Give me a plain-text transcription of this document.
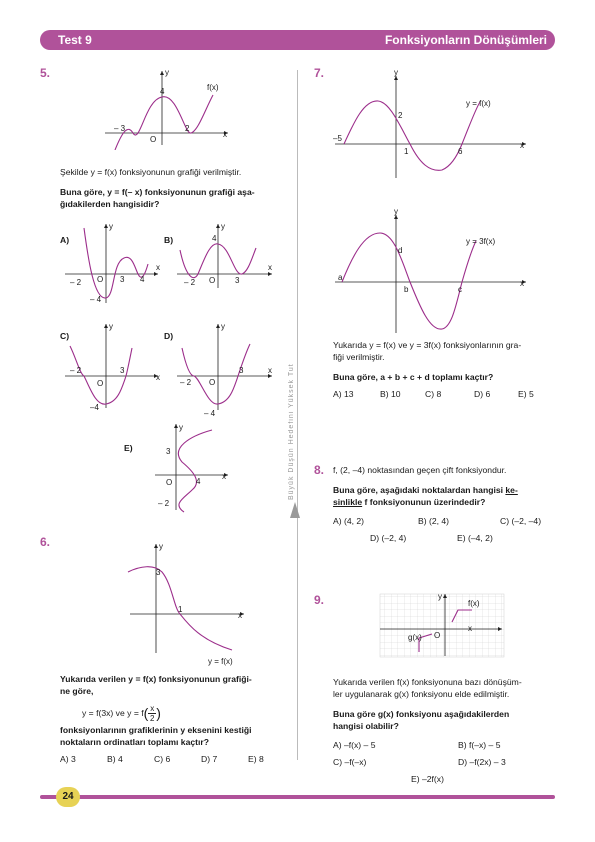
Test 9	Fonksiyonların Dönüşümleri
Büyük Düşün Hedefini Yüksek Tut
5.	y
x
4
– 3	2
O
f(x)
Şekilde y = f(x) fonksiyonunun grafiği verilmiştir.
Buna göre, y = f(– x) fonksiyonunun grafiği aşa-
ğıdakilerden hangisidir?
A)
y
x
– 2 O 3 4
– 4
B)
y
x
4
– 2 O 3
C)
y
x
– 2
O
3
–4
D)
y
x
– 2 O
3
– 4
E)
y
x
3
O	4
– 2
6.	y
x
3
1
y = f(x)
Yukarıda verilen y = f(x) fonksiyonunun grafiği-
ne göre,
y = f(3x) ve $y = f( \frac{x}{2}$ )
fonksiyonlarının grafiklerinin y eksenini kestiği
noktaların ordinatları toplamı kaçtır?
A) 3	B) 4	C) 6	D) 7	E) 8
7.	y
x
2
–5
1	6
y = f(x)
y
x
d
a
b	c
y = 3f(x)
Yukarıda y = f(x) ve y = 3f(x) fonksiyonlarının gra-
fiği verilmiştir.
Buna göre, a + b + c + d toplamı kaçtır?
A) 13	B) 10	C) 8	D) 6	E) 5
8. f, (2, –4) noktasından geçen çift fonksiyondur.
Buna göre, aşağıdaki noktalardan hangisi ke-
sinlikle f fonksiyonunun üzerindedir?
A) (4, 2)	B) (2, 4)	C) (–2, –4)
D) (–2, 4)	E) (–4, 2)
9.	y
x
O
f(x)
g(x)
Yukarıda verilen f(x) fonksiyonuna bazı dönüşüm-
ler uygulanarak g(x) fonksiyonu elde edilmiştir.
Buna göre g(x) fonksiyonu aşağıdakilerden
hangisi olabilir?
A) –f(x) – 5	B) f(–x) – 5
C) –f(–x)	D) –f(2x) – 3
E) –2f(x)
24
